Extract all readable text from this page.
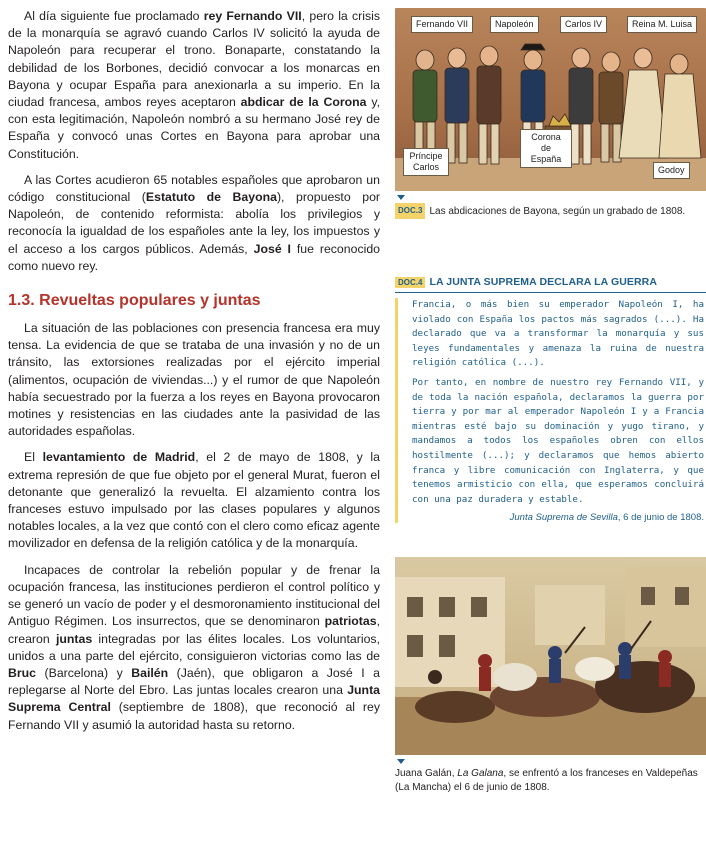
Al día siguiente fue proclamado rey Fernando VII, pero la crisis de la monarquía se agravó cuando Carlos IV solicitó la ayuda de Napoleón para recuperar el trono. Bonaparte, constatando la debilidad de los Borbones, decidió convocar a los monarcas en Bayona y ocupar España para anexionarla a su imperio. En la ciudad francesa, ambos reyes aceptaron abdicar de la Corona y, con esta legitimación, Napoleón nombró a su hermano José rey de España y convocó unas Cortes en Bayona para aprobar una Constitución.

A las Cortes acudieron 65 notables españoles que aprobaron un código constitucional (Estatuto de Bayona), propuesto por Napoleón, de contenido reformista: abolía los privilegios y reconocía la igualdad de los españoles ante la ley, los impuestos y el acceso a los cargos públicos. Además, José I fue reconocido como nuevo rey.

1.3. Revueltas populares y juntas

La situación de las poblaciones con presencia francesa era muy tensa. La evidencia de que se trataba de una invasión y no de un tránsito, las extorsiones realizadas por el ejército imperial (alimentos, ocupación de viviendas...) y el rumor de que Napoleón había secuestrado por la fuerza a los reyes en Bayona provocaron motines y resistencias en las ciudades ante la pasividad de las autoridades españolas.

El levantamiento de Madrid, el 2 de mayo de 1808, y la extrema represión de que fue objeto por el general Murat, fueron el detonante que generalizó la revuelta. El alzamiento contra los franceses estuvo impulsado por las clases populares y algunos notables locales, a la vez que contó con el clero como eficaz agente movilizador en defensa de la religión católica y de la monarquía.

Incapaces de controlar la rebelión popular y de frenar la ocupación francesa, las instituciones perdieron el control político y se generó un vacío de poder y el desmoronamiento institucional del Antiguo Régimen. Los insurrectos, que se denominaron patriotas, crearon juntas integradas por las élites locales. Los voluntarios, unidos a una parte del ejército, consiguieron victorias como las de Bruc (Barcelona) y Bailén (Jaén), que obligaron a José I a replegarse al Norte del Ebro. Las juntas locales crearon una Junta Suprema Central (septiembre de 1808), que reconoció al rey Fernando VII y asumió la autoridad hasta su retorno.

Fernando VII	Napoleón	Carlos IV	Reina M. Luisa
Príncipe Carlos
Corona de España
Godoy
DOC.3 Las abdicaciones de Bayona, según un grabado de 1808.
DOC.4 LA JUNTA SUPREMA DECLARA LA GUERRA

Francia, o más bien su emperador Napoleón I, ha violado con España los pactos más sagrados (...). Ha declarado que va a transformar la monarquía y sus leyes fundamentales y amenaza la ruina de nuestra religión católica (...).

Por tanto, en nombre de nuestro rey Fernando VII, y de toda la nación española, declaramos la guerra por tierra y por mar al emperador Napoleón I y a Francia mientras esté bajo su dominación y yugo tirano, y mandamos a todos los españoles obren con ellos hostilmente (...); y declaramos que hemos abierto franca y libre comunicación con Inglaterra, y que tenemos armisticio con ella, que esperamos concluirá con una paz duradera y estable.

Junta Suprema de Sevilla, 6 de junio de 1808.

Juana Galán, La Galana, se enfrentó a los franceses en Valdepeñas (La Mancha) el 6 de junio de 1808.
